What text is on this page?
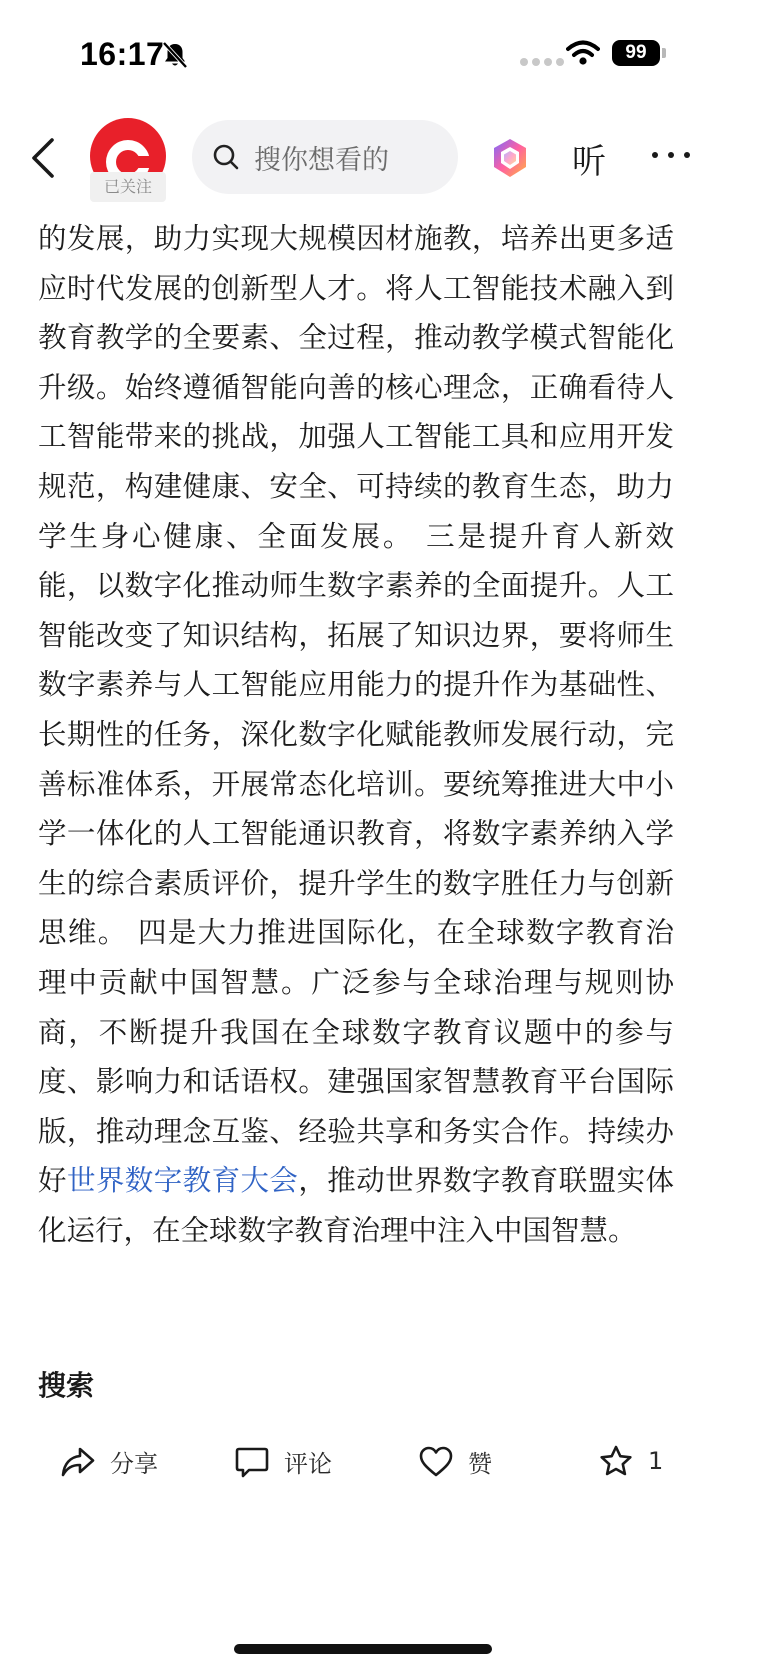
16:17	99
已关注
搜你想看的	听
的发展，助力实现大规模因材施教，培养出更多适应时代发展的创新型人才。将人工智能技术融入到教育教学的全要素、全过程，推动教学模式智能化升级。始终遵循智能向善的核心理念，正确看待人工智能带来的挑战，加强人工智能工具和应用开发规范，构建健康、安全、可持续的教育生态，助力学生身心健康、全面发展。 三是提升育人新效能，以数字化推动师生数字素养的全面提升。人工智能改变了知识结构，拓展了知识边界，要将师生数字素养与人工智能应用能力的提升作为基础性、长期性的任务，深化数字化赋能教师发展行动，完善标准体系，开展常态化培训。要统筹推进大中小学一体化的人工智能通识教育，将数字素养纳入学生的综合素质评价，提升学生的数字胜任力与创新思维。 四是大力推进国际化，在全球数字教育治理中贡献中国智慧。广泛参与全球治理与规则协商，不断提升我国在全球数字教育议题中的参与度、影响力和话语权。建强国家智慧教育平台国际版，推动理念互鉴、经验共享和务实合作。持续办好世界数字教育大会，推动世界数字教育联盟实体化运行，在全球数字教育治理中注入中国智慧。
搜索
分享	评论	赞	1
